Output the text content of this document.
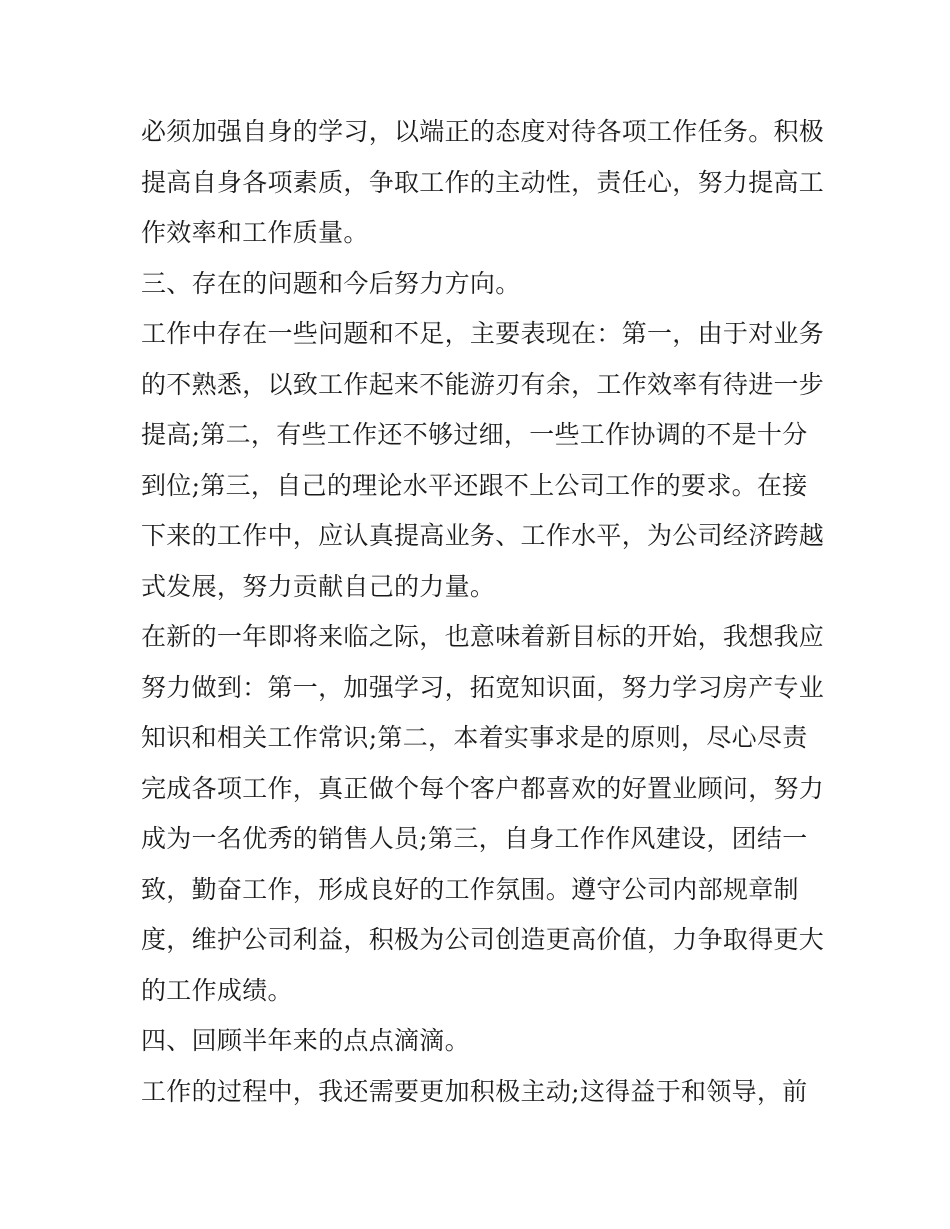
必须加强自身的学习，以端正的态度对待各项工作任务。积极
提高自身各项素质，争取工作的主动性，责任心，努力提高工
作效率和工作质量。
三、存在的问题和今后努力方向。
工作中存在一些问题和不足，主要表现在：第一，由于对业务
的不熟悉，以致工作起来不能游刃有余，工作效率有待进一步
提高;第二，有些工作还不够过细，一些工作协调的不是十分
到位;第三，自己的理论水平还跟不上公司工作的要求。在接
下来的工作中，应认真提高业务、工作水平，为公司经济跨越
式发展，努力贡献自己的力量。
在新的一年即将来临之际，也意味着新目标的开始，我想我应
努力做到：第一，加强学习，拓宽知识面，努力学习房产专业
知识和相关工作常识;第二，本着实事求是的原则，尽心尽责
完成各项工作，真正做个每个客户都喜欢的好置业顾问，努力
成为一名优秀的销售人员;第三，自身工作作风建设，团结一
致，勤奋工作，形成良好的工作氛围。遵守公司内部规章制
度，维护公司利益，积极为公司创造更高价值，力争取得更大
的工作成绩。
四、回顾半年来的点点滴滴。
工作的过程中，我还需要更加积极主动;这得益于和领导，前
